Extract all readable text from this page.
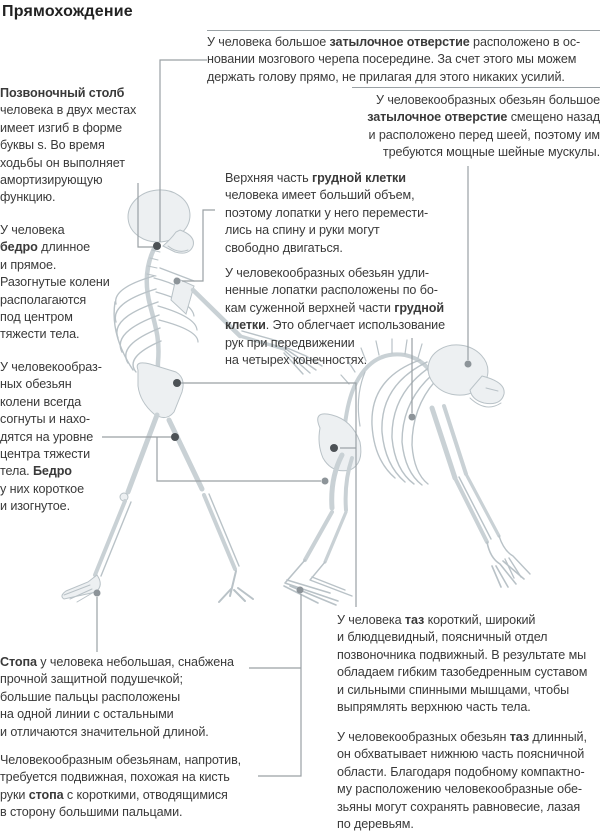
Прямохождение
Позвоночный столб
человека в двух местах
имеет изгиб в форме
буквы s. Во время
ходьбы он выполняет
амортизирующую
функцию.
У человека большое затылочное отверстие расположено в ос-
новании мозгового черепа посередине. За счет этого мы можем
держать голову прямо, не прилагая для этого никаких усилий.
У человекообразных обезьян большое
затылочное отверстие смещено назад
и расположено перед шеей, поэтому им
требуются мощные шейные мускулы.
Верхняя часть грудной клетки
человека имеет больший объем,
поэтому лопатки у него перемести-
лись на спину и руки могут
свободно двигаться.
У человекообразных обезьян удли-
ненные лопатки расположены по бо-
кам суженной верхней части грудной
клетки. Это облегчает использование
рук при передвижении
на четырех конечностях.
У человека
бедро длинное
и прямое.
Разогнутые колени
располагаются
под центром
тяжести тела.
У человекообраз-
ных обезьян
колени всегда
согнуты и нахо-
дятся на уровне
центра тяжести
тела. Бедро
у них короткое
и изогнутое.
У человека таз короткий, широкий
и блюдцевидный, поясничный отдел
позвоночника подвижный. В результате мы
обладаем гибким тазобедренным суставом
и сильными спинными мышцами, чтобы
выпрямлять верхнюю часть тела.
У человекообразных обезьян таз длинный,
он обхватывает нижнюю часть поясничной
области. Благодаря подобному компактно-
му расположению человекообразные обе-
зьяны могут сохранять равновесие, лазая
по деревьям.
Стопа у человека небольшая, снабжена
прочной защитной подушечкой;
большие пальцы расположены
на одной линии с остальными
и отличаются значительной длиной.
Человекообразным обезьянам, напротив,
требуется подвижная, похожая на кисть
руки стопа с короткими, отводящимися
в сторону большими пальцами.
